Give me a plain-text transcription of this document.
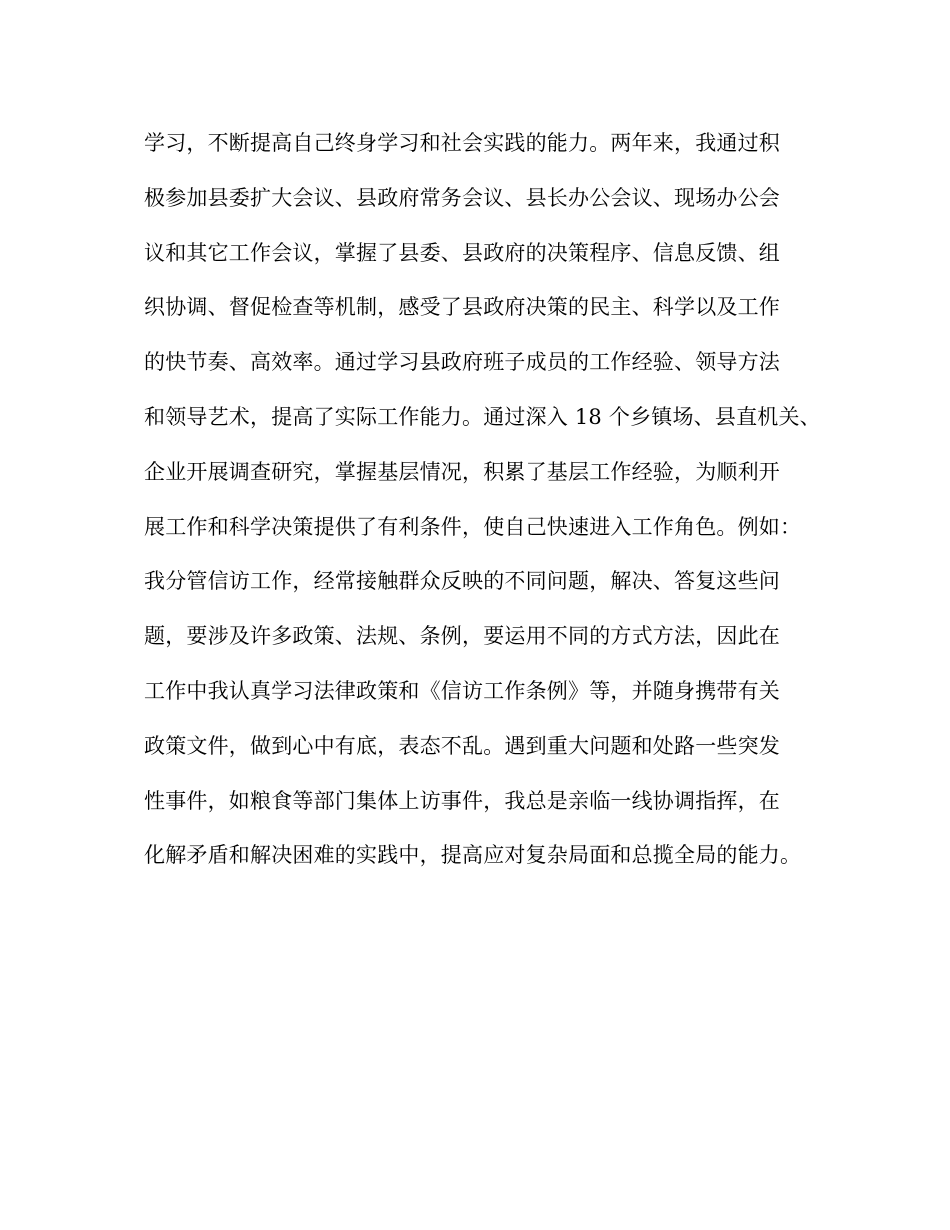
学习，不断提高自己终身学习和社会实践的能力。两年来，我通过积
极参加县委扩大会议、县政府常务会议、县长办公会议、现场办公会
议和其它工作会议，掌握了县委、县政府的决策程序、信息反馈、组
织协调、督促检查等机制，感受了县政府决策的民主、科学以及工作
的快节奏、高效率。通过学习县政府班子成员的工作经验、领导方法
和领导艺术，提高了实际工作能力。通过深入 18 个乡镇场、县直机关、
企业开展调查研究，掌握基层情况，积累了基层工作经验，为顺利开
展工作和科学决策提供了有利条件，使自己快速进入工作角色。例如：
我分管信访工作，经常接触群众反映的不同问题，解决、答复这些问
题，要涉及许多政策、法规、条例，要运用不同的方式方法，因此在
工作中我认真学习法律政策和《信访工作条例》等，并随身携带有关
政策文件，做到心中有底，表态不乱。遇到重大问题和处路一些突发
性事件，如粮食等部门集体上访事件，我总是亲临一线协调指挥，在
化解矛盾和解决困难的实践中，提高应对复杂局面和总揽全局的能力。
